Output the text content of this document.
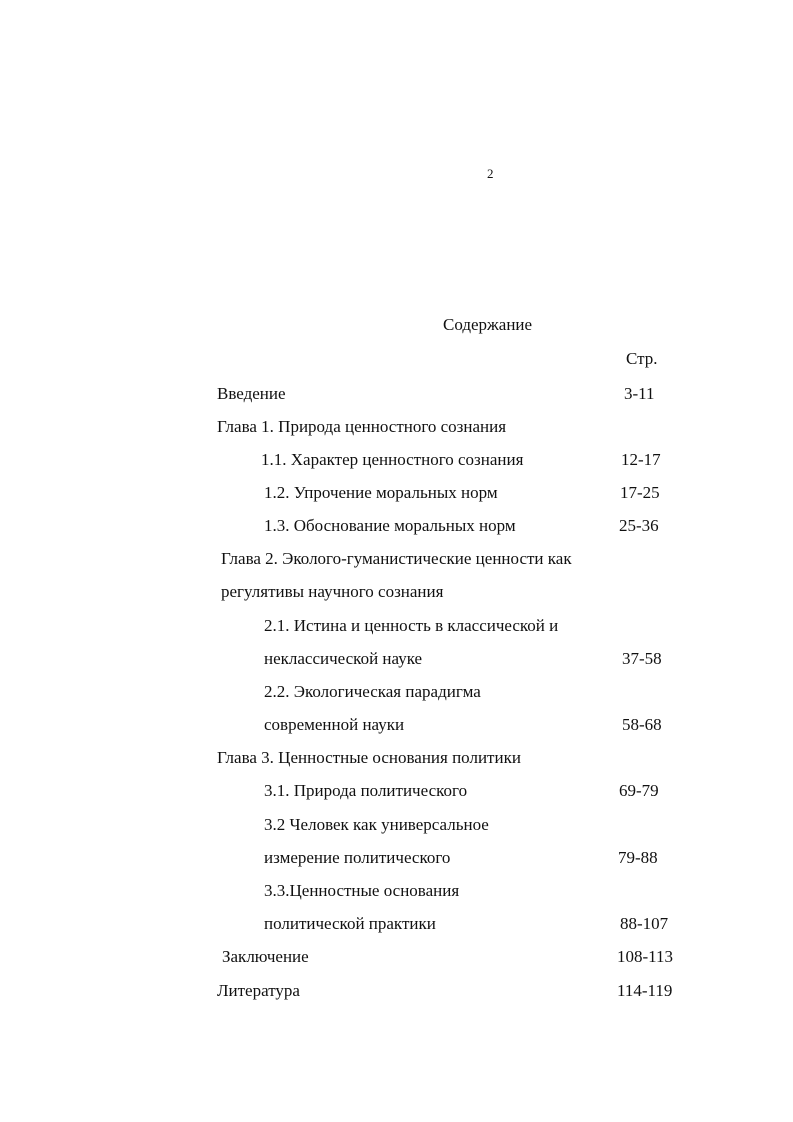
2
Содержание
Стр.
Введение	3-11
Глава 1. Природа ценностного сознания
1.1. Характер ценностного сознания	12-17
1.2. Упрочение моральных норм	17-25
1.3. Обоснование моральных норм	25-36
Глава 2. Эколого-гуманистические ценности как
регулятивы научного сознания
2.1. Истина и ценность в классической и
неклассической науке	37-58
2.2. Экологическая парадигма
современной науки	58-68
Глава 3. Ценностные основания политики
3.1. Природа политического	69-79
3.2 Человек как универсальное
измерение политического	79-88
3.3.Ценностные основания
политической практики	88-107
Заключение	108-113
Литература	114-119
